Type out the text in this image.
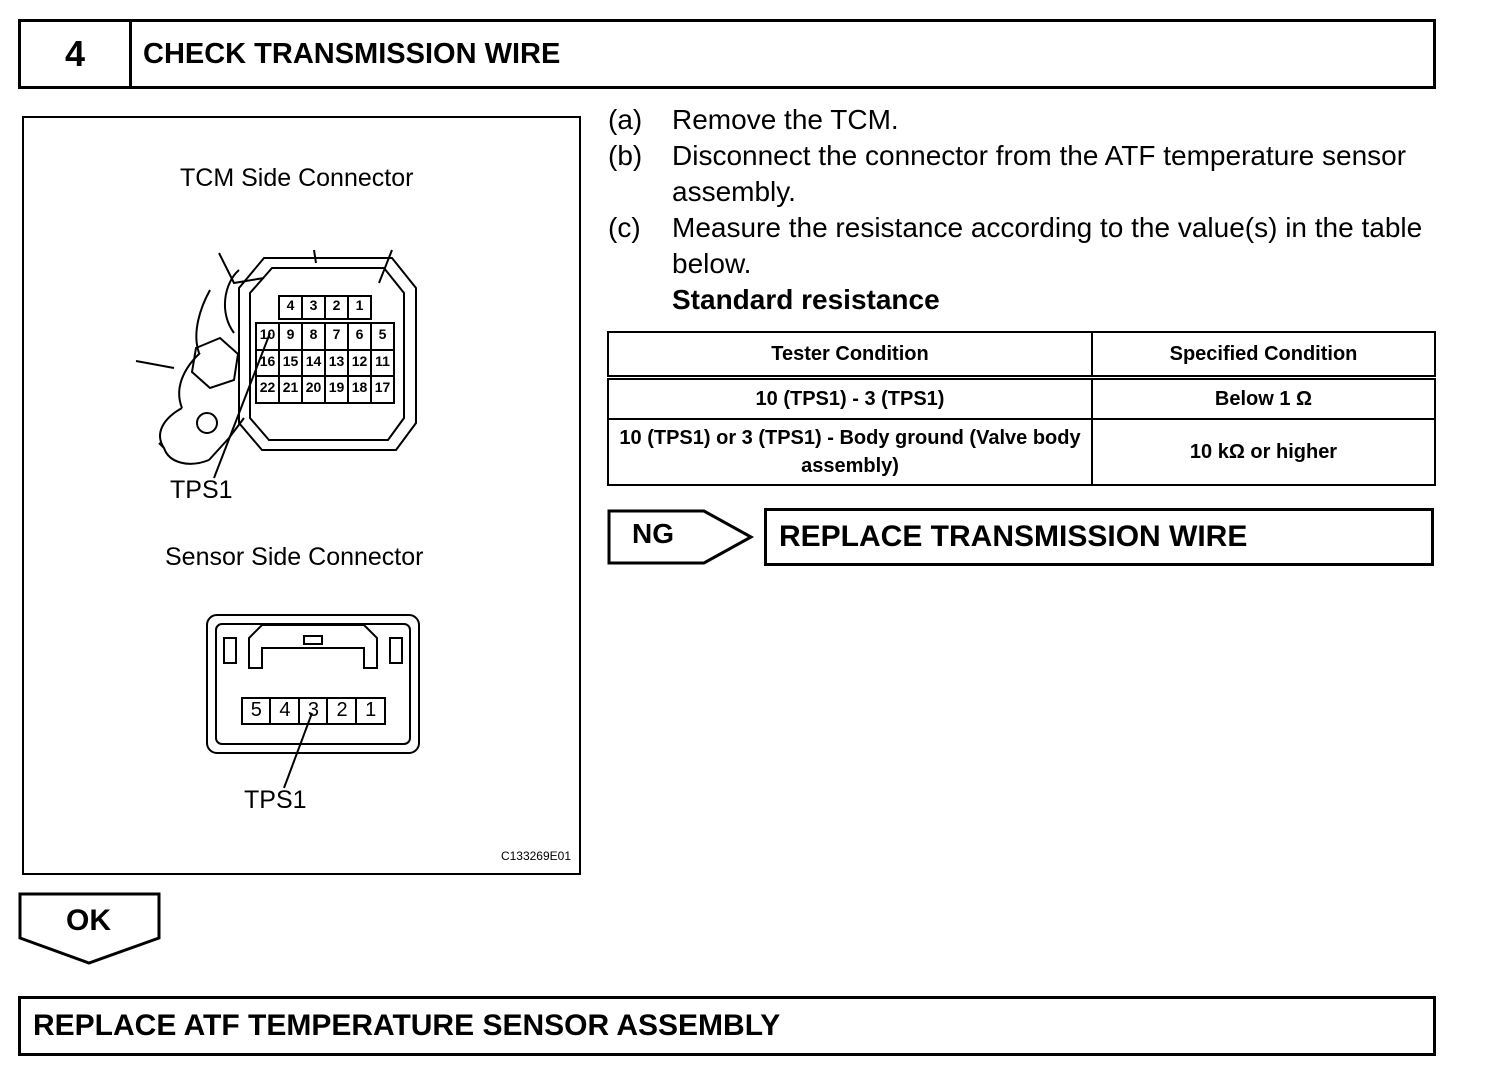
4	CHECK TRANSMISSION WIRE
TCM Side Connector
4	3	2	1
10 9	8	7	6	5
16 15 14 13 12 11
22 21 20 19 18 17
TPS1
Sensor Side Connector
5 4 3 2 1
TPS1
C133269E01
(a)	Remove the TCM.
(b)	Disconnect the connector from the ATF temperature sensor assembly.
(c)	Measure the resistance according to the value(s) in the table below.
Standard resistance
Tester Condition	Specified Condition
10 (TPS1) - 3 (TPS1)	Below 1 Ω
10 (TPS1) or 3 (TPS1) - Body ground (Valve body assembly)	10 kΩ or higher
NG	REPLACE TRANSMISSION WIRE
OK
REPLACE ATF TEMPERATURE SENSOR ASSEMBLY
